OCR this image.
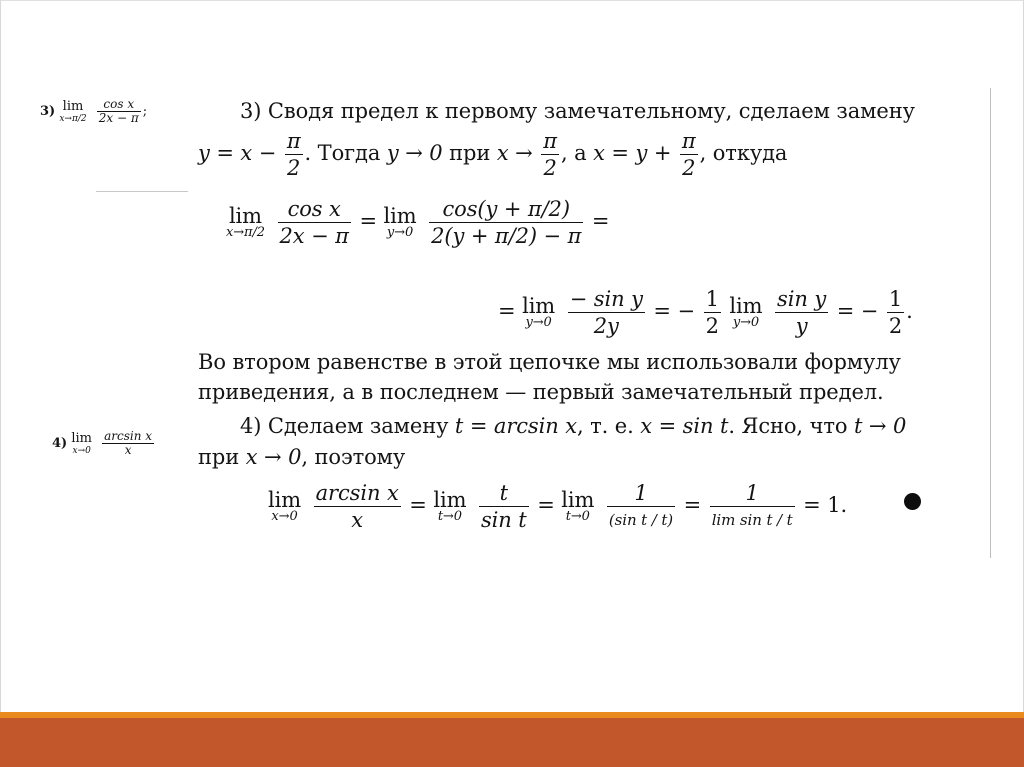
3) lim
x→π/2
$\frac{\text{cos x}}{2x - \pi}$ ;
4) lim
x→0
$\frac{\text{arcsin x}}{x}$
3) Сводя предел к первому замечательному, сделаем замену
$y = x - \frac{\pi}{2}$ . Тогда y → 0 при $x \to \frac{\pi}{2}$ , а $x = y + \frac{\pi}{2}$ , откуда
lim
x→π/2
$\frac{\text{cos x}}{2x - \pi} = \lim$
y→0
$\frac{\cos(y + \pi/2)}{2(y + \pi/2) - \pi}$ =
= lim
y→0
$\frac{\text{− sin y}}{2y}$ = − $\frac{1}{2}$ lim
y→0
$\frac{\text{sin y}}{y}$ = − $\frac{1}{2}$ .
Во втором равенстве в этой цепочке мы использовали формулу
приведения, а в последнем — первый замечательный предел.
4) Сделаем замену t = arcsin x, т. е. x = sin t. Ясно, что t → 0
при x → 0, поэтому
lim
x→0
$\frac{\text{arcsin x}}{x} = \lim$
t→0
$\frac{t}{\text{sin t}} = \lim$
t→0

1
(sin t / t)
=	1
lim sin t / t
= 1.
